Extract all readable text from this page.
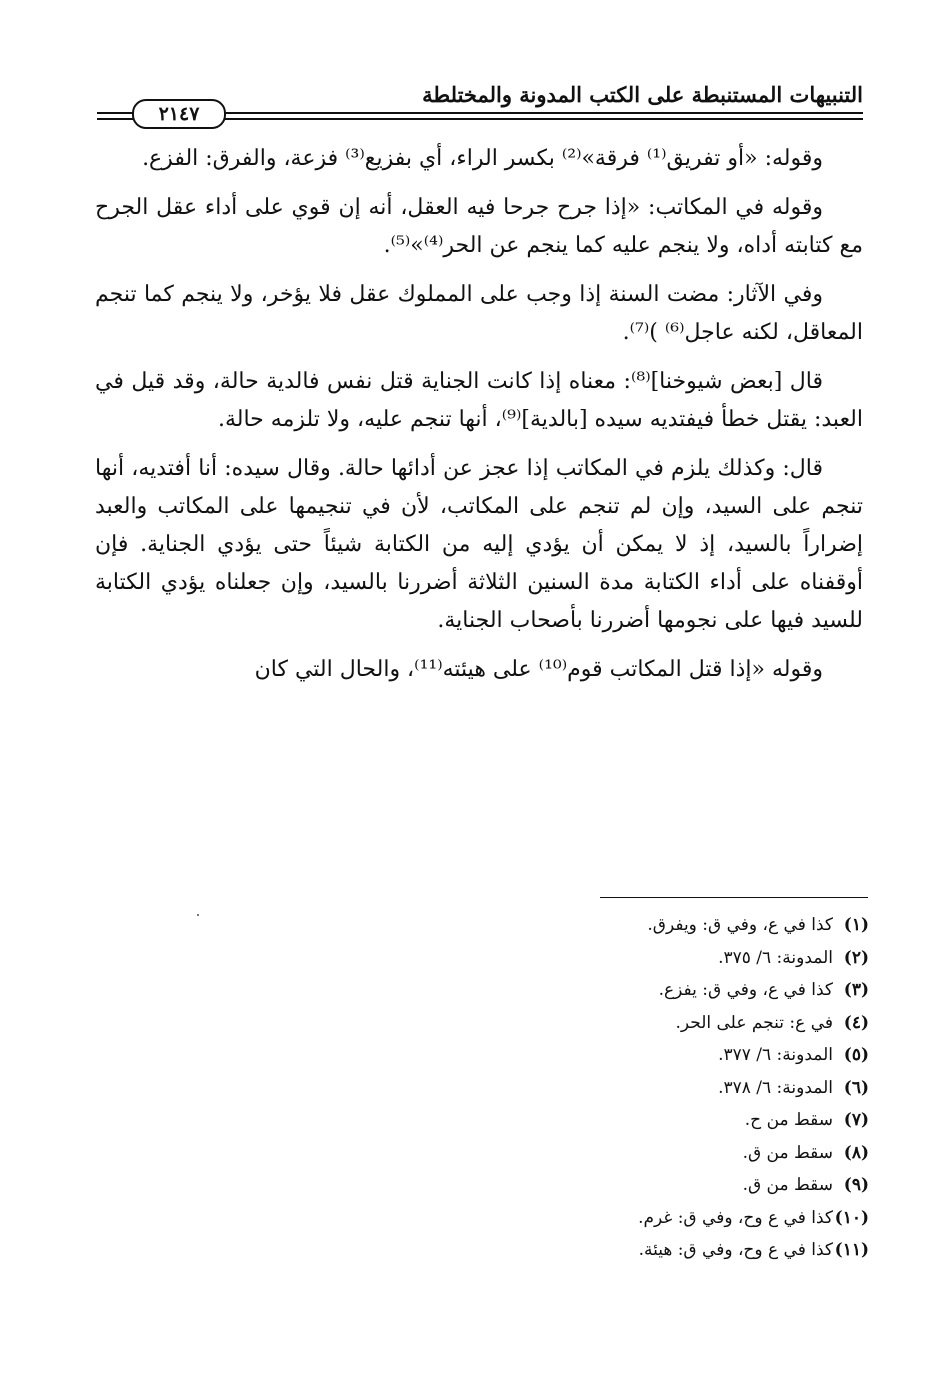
التنبيهات المستنبطة على الكتب المدونة والمختلطة
٢١٤٧

وقوله: «أو تفريق⁽¹⁾ فرقة»⁽²⁾ بكسر الراء، أي بفزيع⁽³⁾ فزعة، والفرق: الفزع.

وقوله في المكاتب: «إذا جرح جرحا فيه العقل، أنه إن قوي على أداء عقل الجرح مع كتابته أداه، ولا ينجم عليه كما ينجم عن الحر⁽⁴⁾»⁽⁵⁾.

وفي الآثار: مضت السنة إذا وجب على المملوك عقل فلا يؤخر، ولا ينجم كما تنجم المعاقل، لكنه عاجل⁽⁶⁾ )⁽⁷⁾.

قال [بعض شيوخنا]⁽⁸⁾: معناه إذا كانت الجناية قتل نفس فالدية حالة، وقد قيل في العبد: يقتل خطأ فيفتديه سيده [بالدية]⁽⁹⁾، أنها تنجم عليه، ولا تلزمه حالة.

قال: وكذلك يلزم في المكاتب إذا عجز عن أدائها حالة. وقال سيده: أنا أفتديه، أنها تنجم على السيد، وإن لم تنجم على المكاتب، لأن في تنجيمها على المكاتب والعبد إضراراً بالسيد، إذ لا يمكن أن يؤدي إليه من الكتابة شيئاً حتى يؤدي الجناية. فإن أوقفناه على أداء الكتابة مدة السنين الثلاثة أضررنا بالسيد، وإن جعلناه يؤدي الكتابة للسيد فيها على نجومها أضررنا بأصحاب الجناية.

وقوله «إذا قتل المكاتب قوم⁽¹⁰⁾ على هيئته⁽¹¹⁾، والحال التي كان

(١)
كذا في ع، وفي ق: ويفرق.
(٢)
المدونة: ٦/ ٣٧٥.
(٣)
كذا في ع، وفي ق: يفزع.
(٤)
في ع: تنجم على الحر.
(٥)
المدونة: ٦/ ٣٧٧.
(٦)
المدونة: ٦/ ٣٧٨.
(٧)
سقط من ح.
(٨)
سقط من ق.
(٩)
سقط من ق.
(١٠)
كذا في ع وح، وفي ق: غرم.
(١١)
كذا في ع وح، وفي ق: هيئة.
